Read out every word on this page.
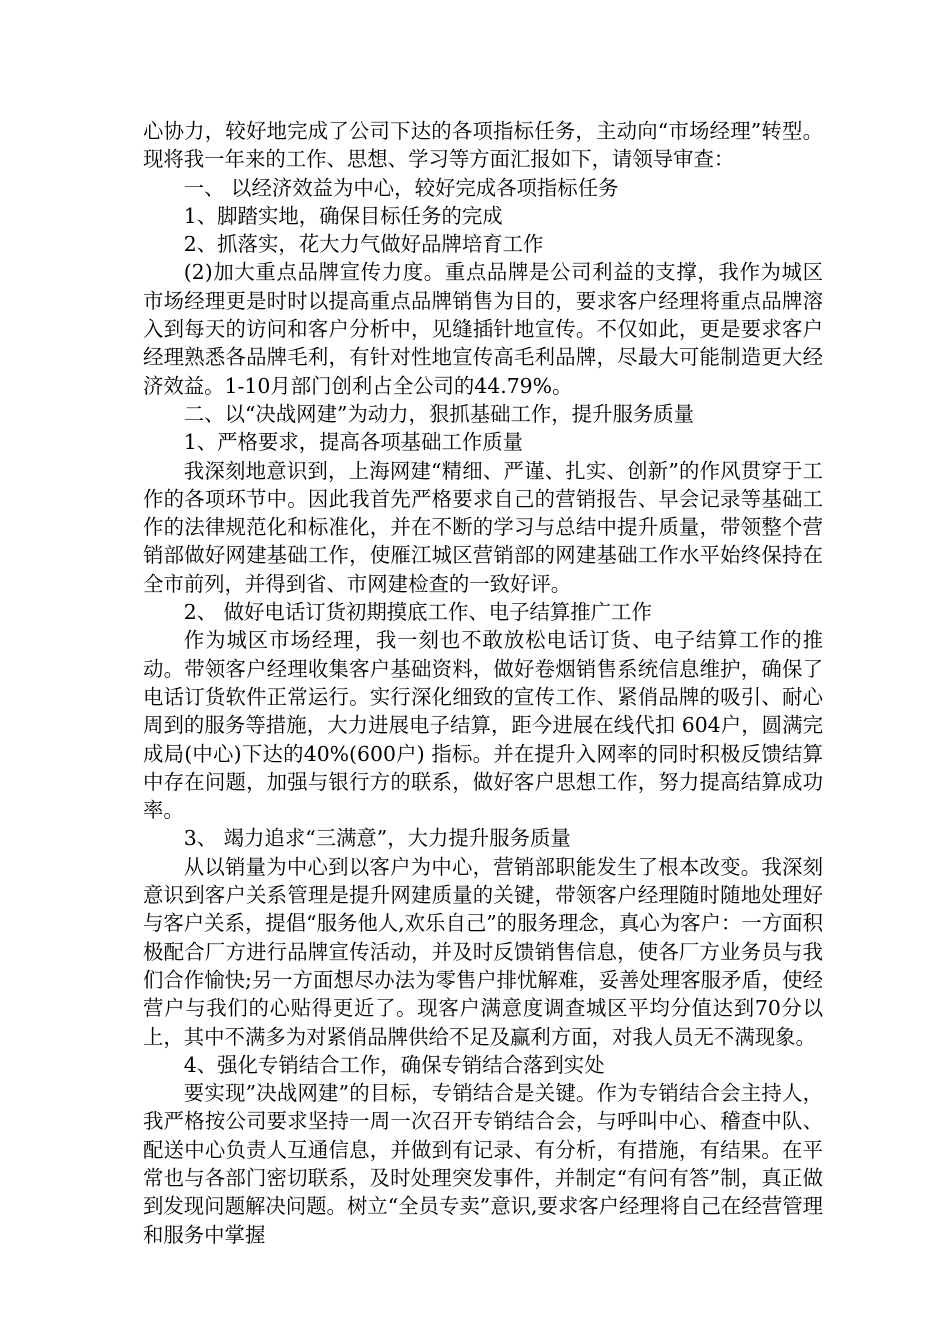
心协力，较好地完成了公司下达的各项指标任务，主动向“市场经理”转型。现将我一年来的工作、思想、学习等方面汇报如下，请领导审查：

一、 以经济效益为中心，较好完成各项指标任务

1、脚踏实地，确保目标任务的完成

2、抓落实，花大力气做好品牌培育工作

(2)加大重点品牌宣传力度。重点品牌是公司利益的支撑，我作为城区市场经理更是时时以提高重点品牌销售为目的，要求客户经理将重点品牌溶入到每天的访问和客户分析中，见缝插针地宣传。不仅如此，更是要求客户经理熟悉各品牌毛利，有针对性地宣传高毛利品牌，尽最大可能制造更大经济效益。1-10月部门创利占全公司的44.79%。

二、以“决战网建”为动力，狠抓基础工作，提升服务质量

1、严格要求，提高各项基础工作质量

我深刻地意识到，上海网建“精细、严谨、扎实、创新”的作风贯穿于工作的各项环节中。因此我首先严格要求自己的营销报告、早会记录等基础工作的法律规范化和标准化，并在不断的学习与总结中提升质量，带领整个营销部做好网建基础工作，使雁江城区营销部的网建基础工作水平始终保持在全市前列，并得到省、市网建检查的一致好评。

2、 做好电话订货初期摸底工作、电子结算推广工作

作为城区市场经理，我一刻也不敢放松电话订货、电子结算工作的推动。带领客户经理收集客户基础资料，做好卷烟销售系统信息维护，确保了电话订货软件正常运行。实行深化细致的宣传工作、紧俏品牌的吸引、耐心周到的服务等措施，大力进展电子结算，距今进展在线代扣 604户，圆满完成局(中心)下达的40%(600户) 指标。并在提升入网率的同时积极反馈结算中存在问题，加强与银行方的联系，做好客户思想工作，努力提高结算成功率。

3、 竭力追求“三满意”，大力提升服务质量

从以销量为中心到以客户为中心，营销部职能发生了根本改变。我深刻意识到客户关系管理是提升网建质量的关键，带领客户经理随时随地处理好与客户关系，提倡“服务他人,欢乐自己”的服务理念，真心为客户：一方面积极配合厂方进行品牌宣传活动，并及时反馈销售信息，使各厂方业务员与我们合作愉快;另一方面想尽办法为零售户排忧解难，妥善处理客服矛盾，使经营户与我们的心贴得更近了。现客户满意度调查城区平均分值达到70分以上，其中不满多为对紧俏品牌供给不足及赢利方面，对我人员无不满现象。

4、强化专销结合工作，确保专销结合落到实处

要实现”决战网建”的目标，专销结合是关键。作为专销结合会主持人，我严格按公司要求坚持一周一次召开专销结合会，与呼叫中心、稽查中队、配送中心负责人互通信息，并做到有记录、有分析，有措施，有结果。在平常也与各部门密切联系，及时处理突发事件，并制定“有问有答”制，真正做到发现问题解决问题。树立“全员专卖”意识,要求客户经理将自己在经营管理和服务中掌握
